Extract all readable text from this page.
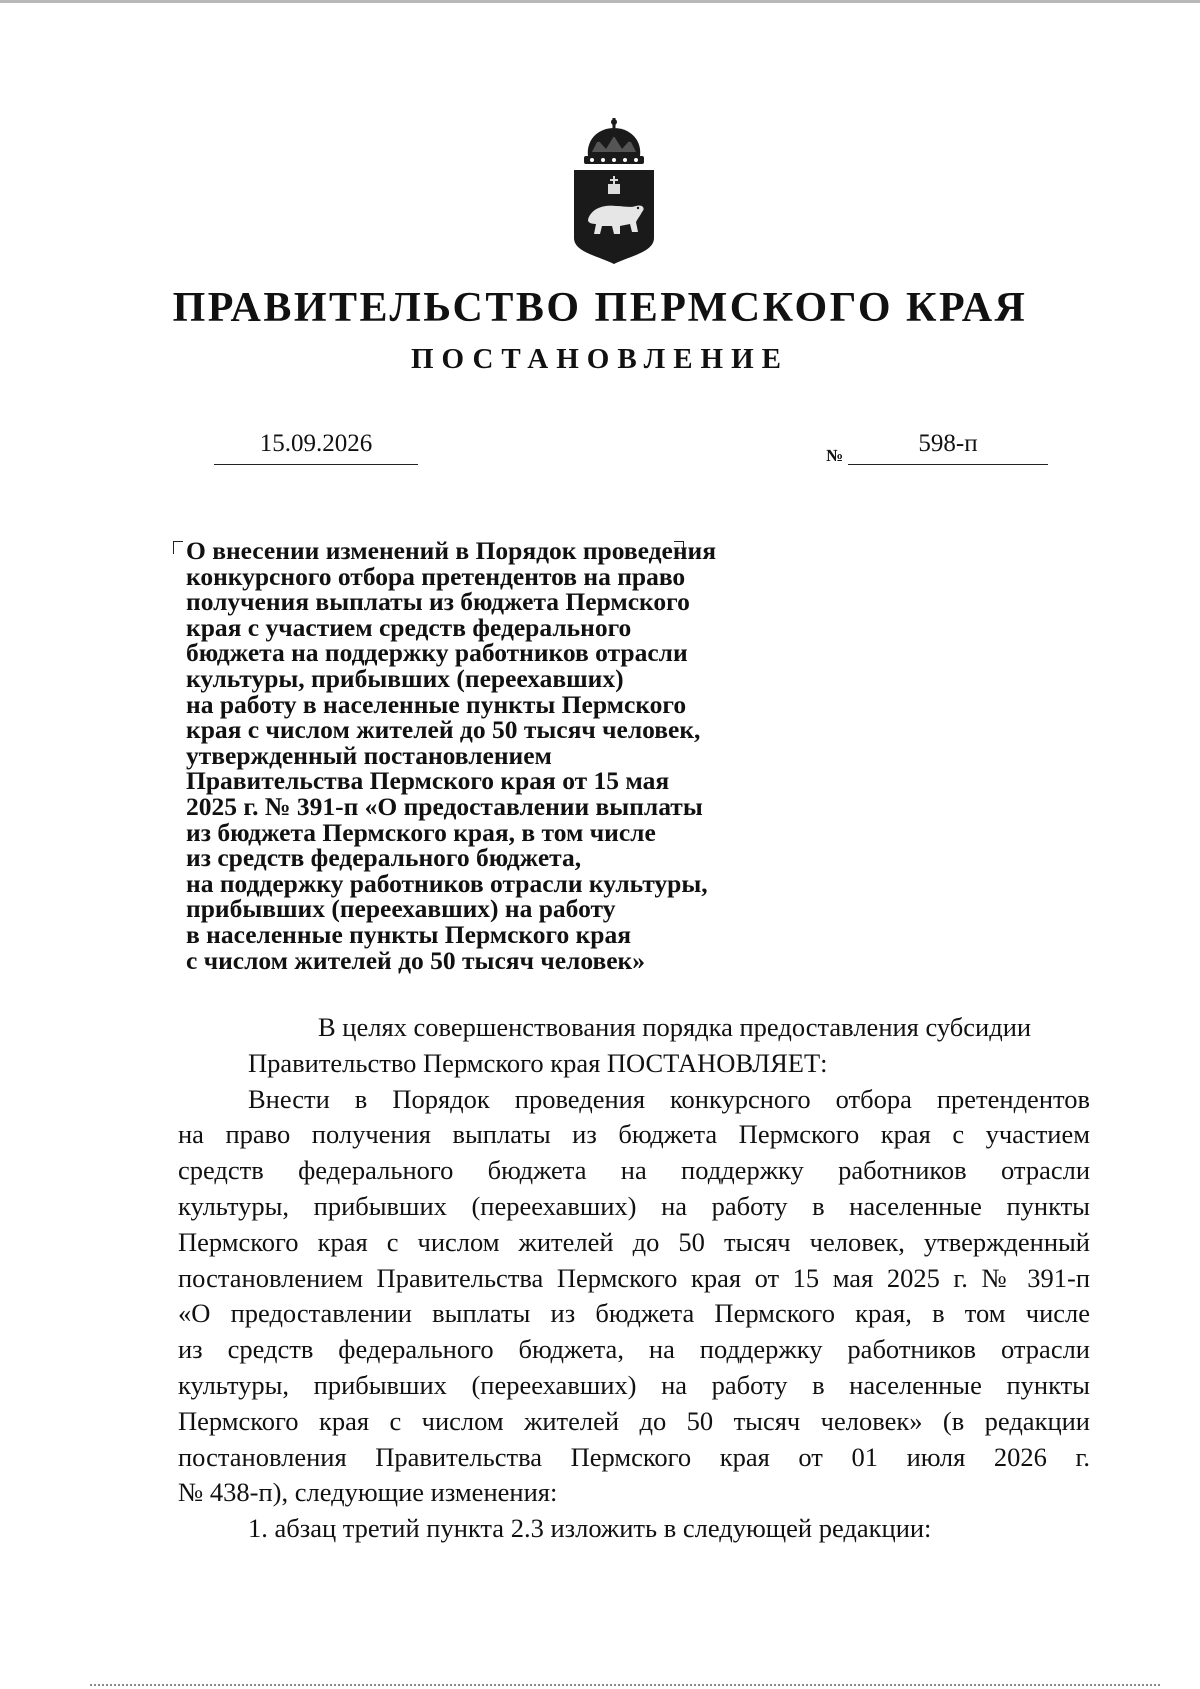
ПРАВИТЕЛЬСТВО ПЕРМСКОГО КРАЯ
ПОСТАНОВЛЕНИЕ
15.09.2026	№	598-п
О внесении изменений в Порядок проведения
конкурсного отбора претендентов на право
получения выплаты из бюджета Пермского
края с участием средств федерального
бюджета на поддержку работников отрасли
культуры, прибывших (переехавших)
на работу в населенные пункты Пермского
края с числом жителей до 50 тысяч человек,
утвержденный постановлением
Правительства Пермского края от 15 мая
2025 г. № 391-п «О предоставлении выплаты
из бюджета Пермского края, в том числе
из средств федерального бюджета,
на поддержку работников отрасли культуры,
прибывших (переехавших) на работу
в населенные пункты Пермского края
с числом жителей до 50 тысяч человек»

В целях совершенствования порядка предоставления субсидии
Правительство Пермского края ПОСТАНОВЛЯЕТ:

Внести в Порядок проведения конкурсного отбора претендентов
на право получения выплаты из бюджета Пермского края с участием
средств федерального бюджета на поддержку работников отрасли
культуры, прибывших (переехавших) на работу в населенные пункты
Пермского края с числом жителей до 50 тысяч человек, утвержденный
постановлением Правительства Пермского края от 15 мая 2025 г. № 391-п
«О предоставлении выплаты из бюджета Пермского края, в том числе
из средств федерального бюджета, на поддержку работников отрасли
культуры, прибывших (переехавших) на работу в населенные пункты
Пермского края с числом жителей до 50 тысяч человек» (в редакции
постановления Правительства Пермского края от 01 июля 2026 г.
№ 438-п), следующие изменения:

1. абзац третий пункта 2.3 изложить в следующей редакции:
